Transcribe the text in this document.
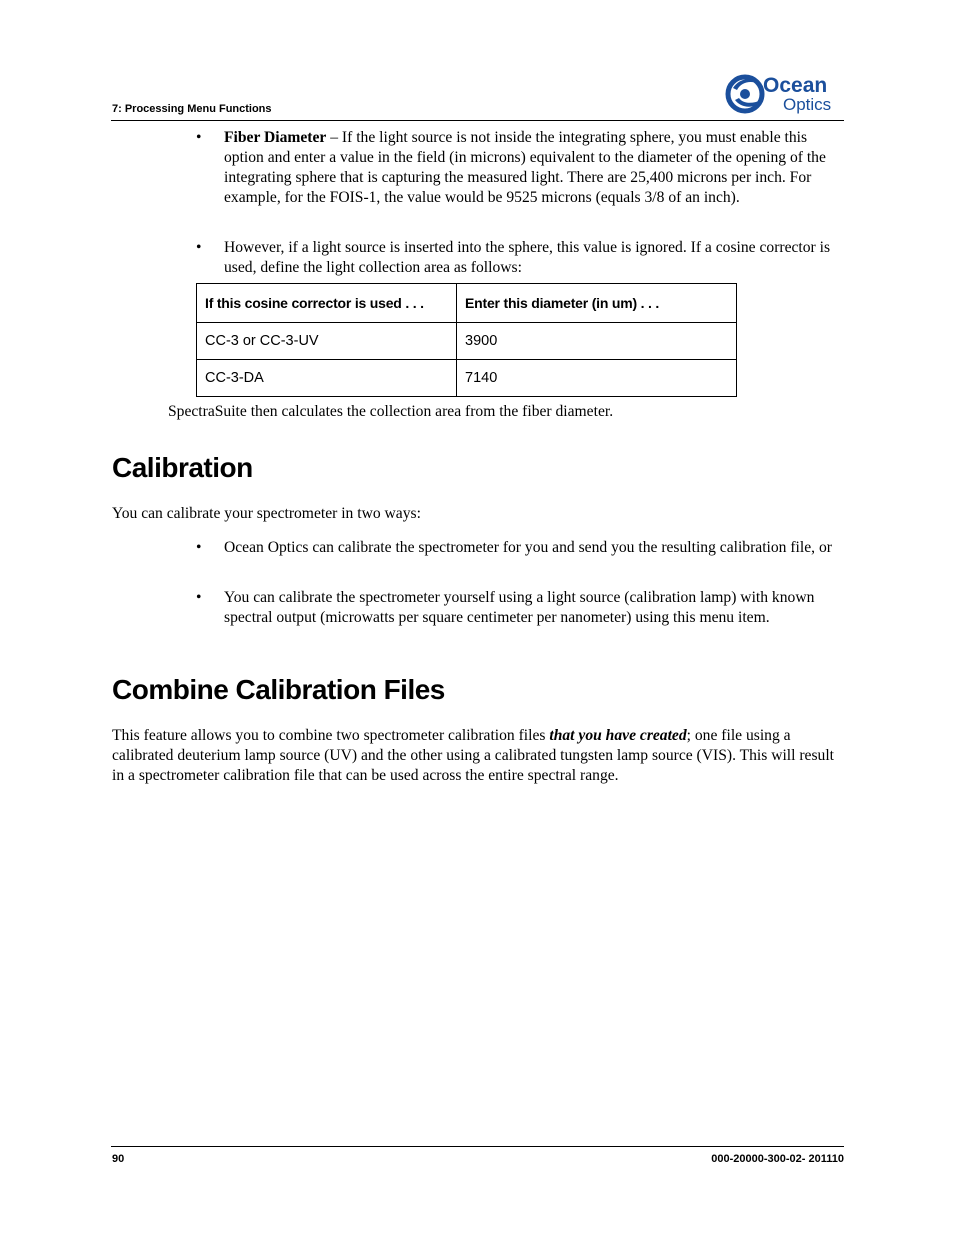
7: Processing Menu Functions
Ocean
Optics
• Fiber Diameter – If the light source is not inside the integrating sphere, you must enable this option and enter a value in the field (in microns) equivalent to the diameter of the opening of the integrating sphere that is capturing the measured light. There are 25,400 microns per inch. For example, for the FOIS-1, the value would be 9525 microns (equals 3/8 of an inch).
• However, if a light source is inserted into the sphere, this value is ignored. If a cosine corrector is used, define the light collection area as follows:
If this cosine corrector is used . . .	Enter this diameter (in um) . . .
CC-3 or CC-3-UV	3900
CC-3-DA	7140
SpectraSuite then calculates the collection area from the fiber diameter.
Calibration
You can calibrate your spectrometer in two ways:
• Ocean Optics can calibrate the spectrometer for you and send you the resulting calibration file, or
• You can calibrate the spectrometer yourself using a light source (calibration lamp) with known spectral output (microwatts per square centimeter per nanometer) using this menu item.
Combine Calibration Files
This feature allows you to combine two spectrometer calibration files that you have created; one file using a calibrated deuterium lamp source (UV) and the other using a calibrated tungsten lamp source (VIS). This will result in a spectrometer calibration file that can be used across the entire spectral range.
90	000-20000-300-02- 201110
